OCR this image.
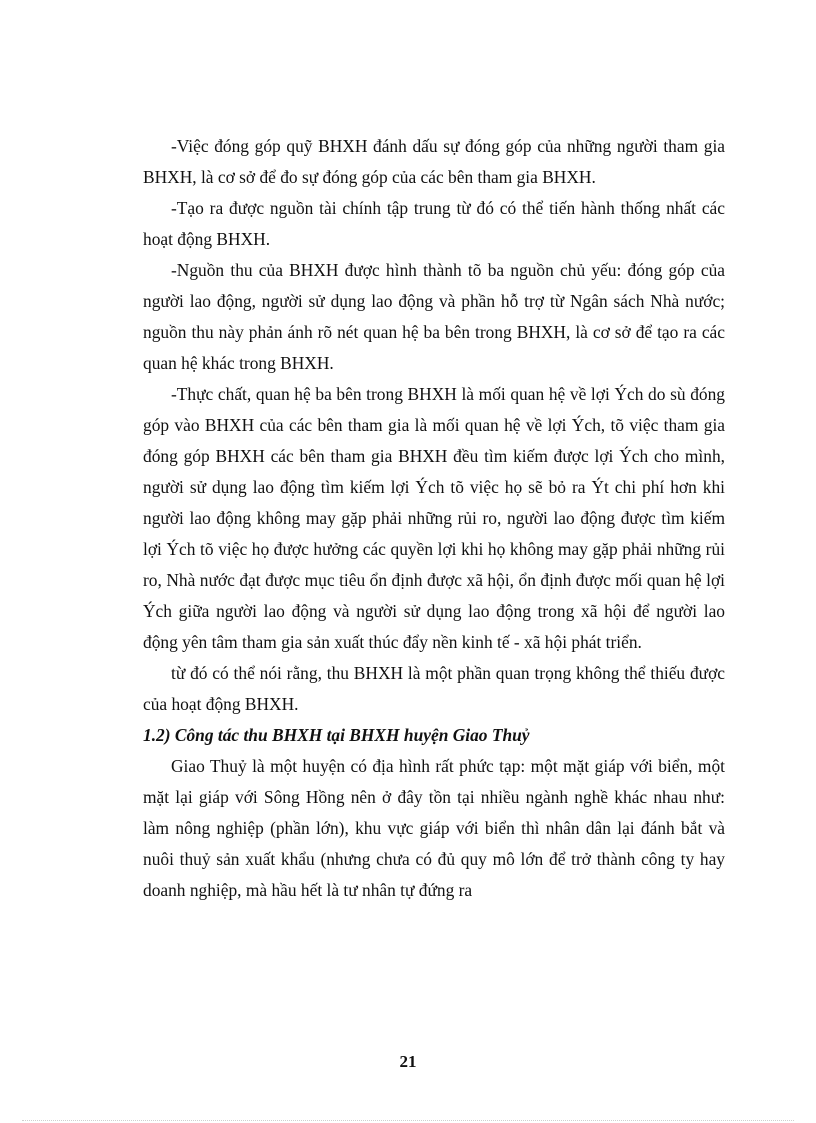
-Việc đóng góp quỹ BHXH đánh dấu sự đóng góp của những người tham gia BHXH, là cơ sở để đo sự đóng góp của các bên tham gia BHXH.

-Tạo ra được nguồn tài chính tập trung từ đó có thể tiến hành thống nhất các hoạt động BHXH.

-Nguồn thu của BHXH được hình thành tõ ba nguồn chủ yếu: đóng góp của người lao động, người sử dụng lao động và phần hỗ trợ từ Ngân sách Nhà nước; nguồn thu này phản ánh rõ nét quan hệ ba bên trong BHXH, là cơ sở để tạo ra các quan hệ khác trong BHXH.

-Thực chất, quan hệ ba bên trong BHXH là mối quan hệ về lợi Ých do sù đóng góp vào BHXH của các bên tham gia là mối quan hệ về lợi Ých, tõ việc tham gia đóng góp BHXH các bên tham gia BHXH đều tìm kiếm được lợi Ých cho mình, người sử dụng lao động tìm kiếm lợi Ých tõ việc họ sẽ bỏ ra Ýt chi phí hơn khi người lao động không may gặp phải những rủi ro, người lao động được tìm kiếm lợi Ých tõ việc họ được hưởng các quyền lợi khi họ không may gặp phải những rủi ro, Nhà nước đạt được mục tiêu ổn định được xã hội, ổn định được mối quan hệ lợi Ých giữa người lao động và người sử dụng lao động trong xã hội để người lao động yên tâm tham gia sản xuất thúc đẩy nền kinh tế - xã hội phát triển.

từ đó có thể nói rằng, thu BHXH là một phần quan trọng không thể thiếu được của hoạt động BHXH.

1.2) Công tác thu BHXH tại BHXH huyện Giao Thuỷ

Giao Thuỷ là một huyện có địa hình rất phức tạp: một mặt giáp với biển, một mặt lại giáp với Sông Hồng nên ở đây tồn tại nhiều ngành nghề khác nhau như: làm nông nghiệp (phần lớn), khu vực giáp với biển thì nhân dân lại đánh bắt và nuôi thuỷ sản xuất khẩu (nhưng chưa có đủ quy mô lớn để trở thành công ty hay doanh nghiệp, mà hầu hết là tư nhân tự đứng ra

21
